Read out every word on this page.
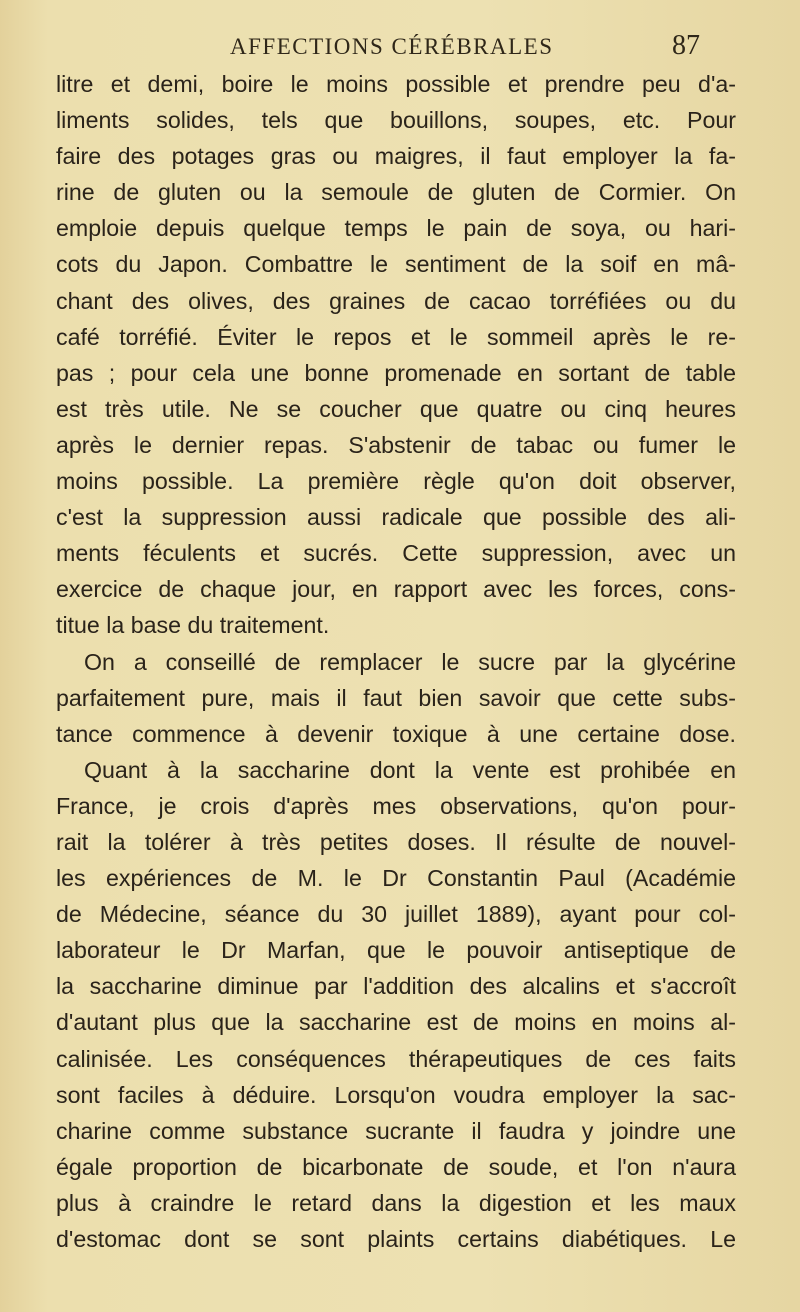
AFFECTIONS CÉRÉBRALES	87
litre et demi, boire le moins possible et prendre peu d'a-
liments solides, tels que bouillons, soupes, etc. Pour
faire des potages gras ou maigres, il faut employer la fa-
rine de gluten ou la semoule de gluten de Cormier. On
emploie depuis quelque temps le pain de soya, ou hari-
cots du Japon. Combattre le sentiment de la soif en mâ-
chant des olives, des graines de cacao torréfiées ou du
café torréfié. Éviter le repos et le sommeil après le re-
pas ; pour cela une bonne promenade en sortant de table
est très utile. Ne se coucher que quatre ou cinq heures
après le dernier repas. S'abstenir de tabac ou fumer le
moins possible. La première règle qu'on doit observer,
c'est la suppression aussi radicale que possible des ali-
ments féculents et sucrés. Cette suppression, avec un
exercice de chaque jour, en rapport avec les forces, cons-
titue la base du traitement.
On a conseillé de remplacer le sucre par la glycérine
parfaitement pure, mais il faut bien savoir que cette subs-
tance commence à devenir toxique à une certaine dose.
Quant à la saccharine dont la vente est prohibée en
France, je crois d'après mes observations, qu'on pour-
rait la tolérer à très petites doses. Il résulte de nouvel-
les expériences de M. le Dr Constantin Paul (Académie
de Médecine, séance du 30 juillet 1889), ayant pour col-
laborateur le Dr Marfan, que le pouvoir antiseptique de
la saccharine diminue par l'addition des alcalins et s'accroît
d'autant plus que la saccharine est de moins en moins al-
calinisée. Les conséquences thérapeutiques de ces faits
sont faciles à déduire. Lorsqu'on voudra employer la sac-
charine comme substance sucrante il faudra y joindre une
égale proportion de bicarbonate de soude, et l'on n'aura
plus à craindre le retard dans la digestion et les maux
d'estomac dont se sont plaints certains diabétiques. Le
